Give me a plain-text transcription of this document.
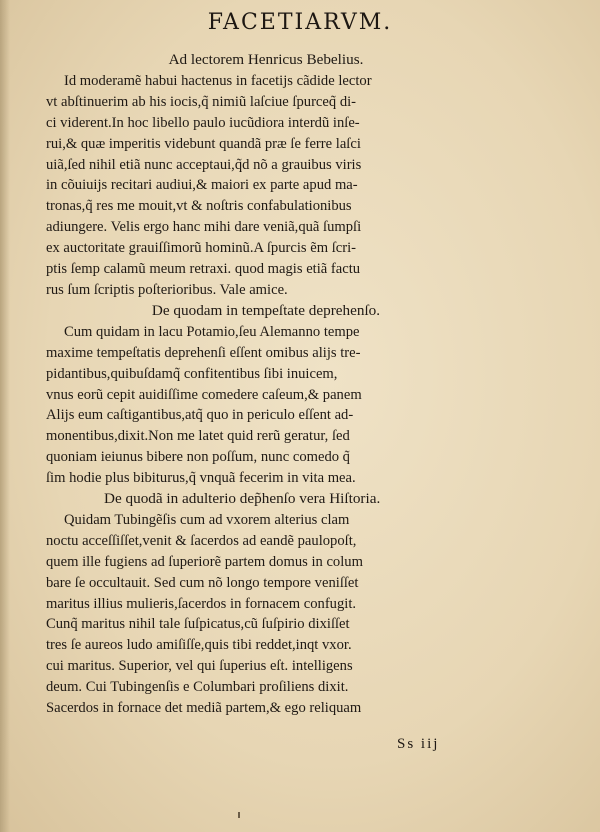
FACETIARVM.
Ad lectorem Henricus Bebelius.
Id moderamẽ habui hactenus in facetijs cãdide lector
vt abſtinuerim ab his iocis,q̃ nimiũ laſciue ſpurceq̃ di-
ci viderent.In hoc libello paulo iucũdiora interdũ inſe-
rui,& quæ imperitis videbunt quandã præ ſe ferre laſci
uiã,ſed nihil etiã nunc acceptaui,q̃d nõ a grauibus viris
in cõuiuijs recitari audiui,& maiori ex parte apud ma-
tronas,q̃ res me mouit,vt & noſtris confabulationibus
adiungere. Velis ergo hanc mihi dare veniã,quã ſumpſi
ex auctoritate grauiſſimorũ hominũ.A ſpurcis ẽm ſcri-
ptis ſemp calamũ meum retraxi. quod magis etiã factu
rus ſum ſcriptis poſterioribus. Vale amice.
De quodam in tempeſtate deprehenſo.
Cum quidam in lacu Potamio,ſeu Alemanno tempe
maxime tempeſtatis deprehenſi eſſent omibus alijs tre-
pidantibus,quibuſdamq̃ confitentibus ſibi inuicem,
vnus eorũ cepit auidiſſime comedere caſeum,& panem
Alijs eum caſtigantibus,atq̃ quo in periculo eſſent ad-
monentibus,dixit.Non me latet quid rerũ geratur, ſed
quoniam ieiunus bibere non poſſum, nunc comedo q̃
ſim hodie plus bibiturus,q̃ vnquã fecerim in vita mea.
De quodã in adulterio dep̃henſo vera Hiſtoria.
Quidam Tubingẽſis cum ad vxorem alterius clam
noctu acceſſiſſet,venit & ſacerdos ad eandẽ paulopoſt,
quem ille fugiens ad ſuperiorẽ partem domus in colum
bare ſe occultauit. Sed cum nõ longo tempore veniſſet
maritus illius mulieris,ſacerdos in fornacem confugit.
Cunq̃ maritus nihil tale ſuſpicatus,cũ ſuſpirio dixiſſet
tres ſe aureos ludo amiſiſſe,quis tibi reddet,inqt vxor.
cui maritus. Superior, vel qui ſuperius eſt. intelligens
deum. Cui Tubingenſis e Columbari proſiliens dixit.
Sacerdos in fornace det mediã partem,& ego reliquam
Ss iij
